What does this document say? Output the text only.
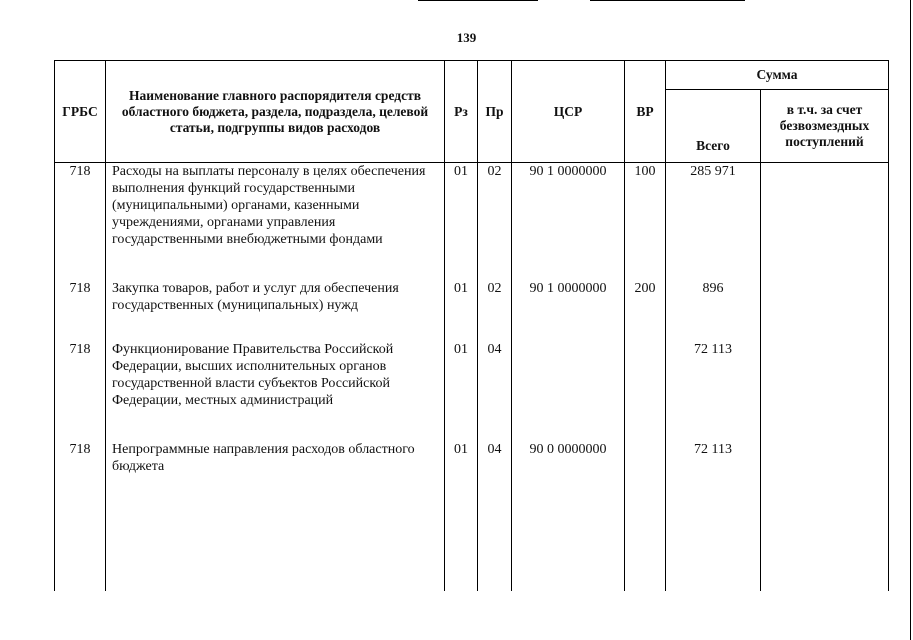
139
ГРБС	Наименование главного распорядителя средств областного бюджета, раздела, подраздела, целевой статьи, подгруппы видов расходов	Рз	Пр	ЦСР	ВР	Сумма	
						Всего	в т.ч. за счет безвозмездных поступлений
718	Расходы на выплаты персоналу в целях обеспечения выполнения функций государственными (муниципальными) органами, казенными учреждениями, органами управления государственными внебюджетными фондами	01	02	90 1 0000000	100	285 971	
718	Закупка товаров, работ и услуг для обеспечения государственных (муниципальных) нужд	01	02	90 1 0000000	200	896	
718	Функционирование Правительства Российской Федерации, высших исполнительных органов государственной власти субъектов Российской Федерации, местных администраций	01	04			72 113	
718	Непрограммные направления расходов областного бюджета	01	04	90 0 0000000		72 113	
